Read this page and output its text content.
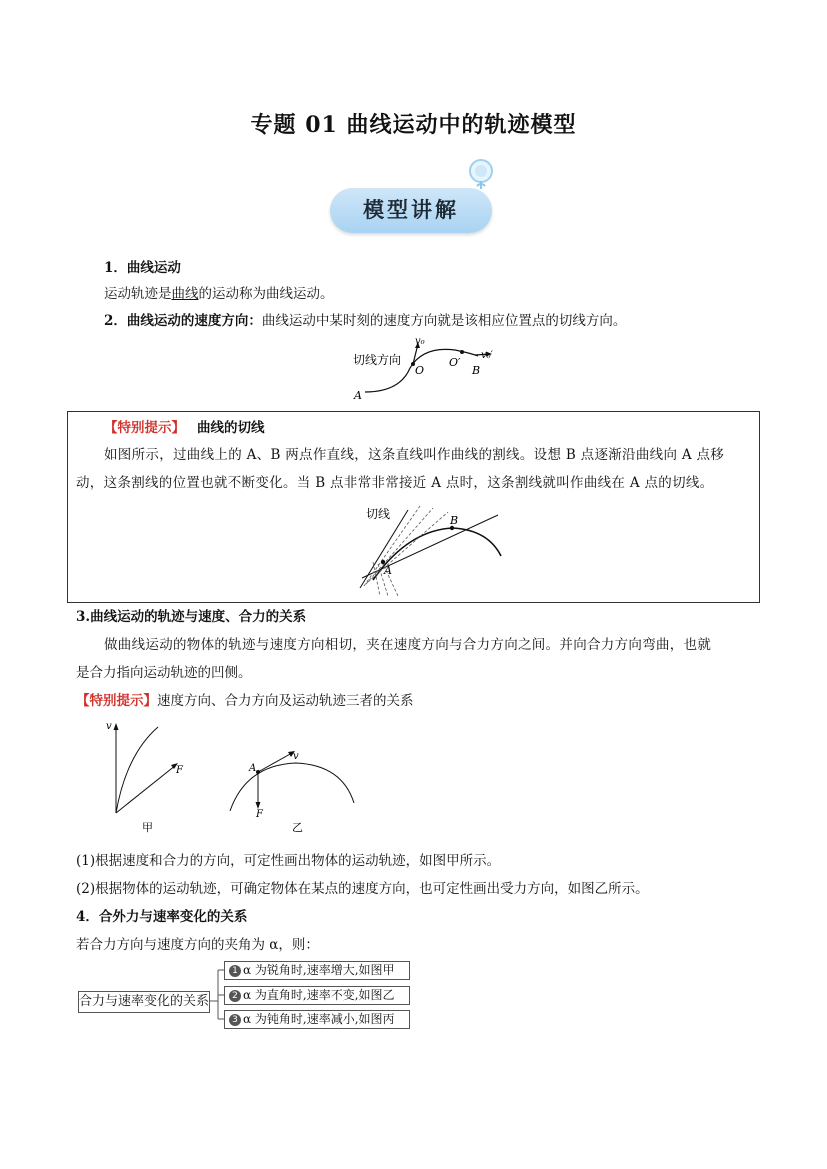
专题 01 曲线运动中的轨迹模型
模型讲解
1．曲线运动
运动轨迹是曲线的运动称为曲线运动。
2．曲线运动的速度方向：曲线运动中某时刻的速度方向就是该相应位置点的切线方向。
切线方向
v₀
O
O′
v₀′
B
A
【特别提示】 曲线的切线
如图所示，过曲线上的 A、B 两点作直线，这条直线叫作曲线的割线。设想 B 点逐渐沿曲线向 A 点移
动，这条割线的位置也就不断变化。当 B 点非常非常接近 A 点时，这条割线就叫作曲线在 A 点的切线。
切线
A
B
3.曲线运动的轨迹与速度、合力的关系
做曲线运动的物体的轨迹与速度方向相切，夹在速度方向与合力方向之间。并向合力方向弯曲，也就
是合力指向运动轨迹的凹侧。
【特别提示】速度方向、合力方向及运动轨迹三者的关系
v
F
甲
A
v
F
乙
(1)根据速度和合力的方向，可定性画出物体的运动轨迹，如图甲所示。
(2)根据物体的运动轨迹，可确定物体在某点的速度方向，也可定性画出受力方向，如图乙所示。
4．合外力与速率变化的关系
若合力方向与速度方向的夹角为 α，则：
合力与速率变化的关系
1 α 为锐角时,速率增大,如图甲
2 α 为直角时,速率不变,如图乙
3 α 为钝角时,速率减小,如图丙
